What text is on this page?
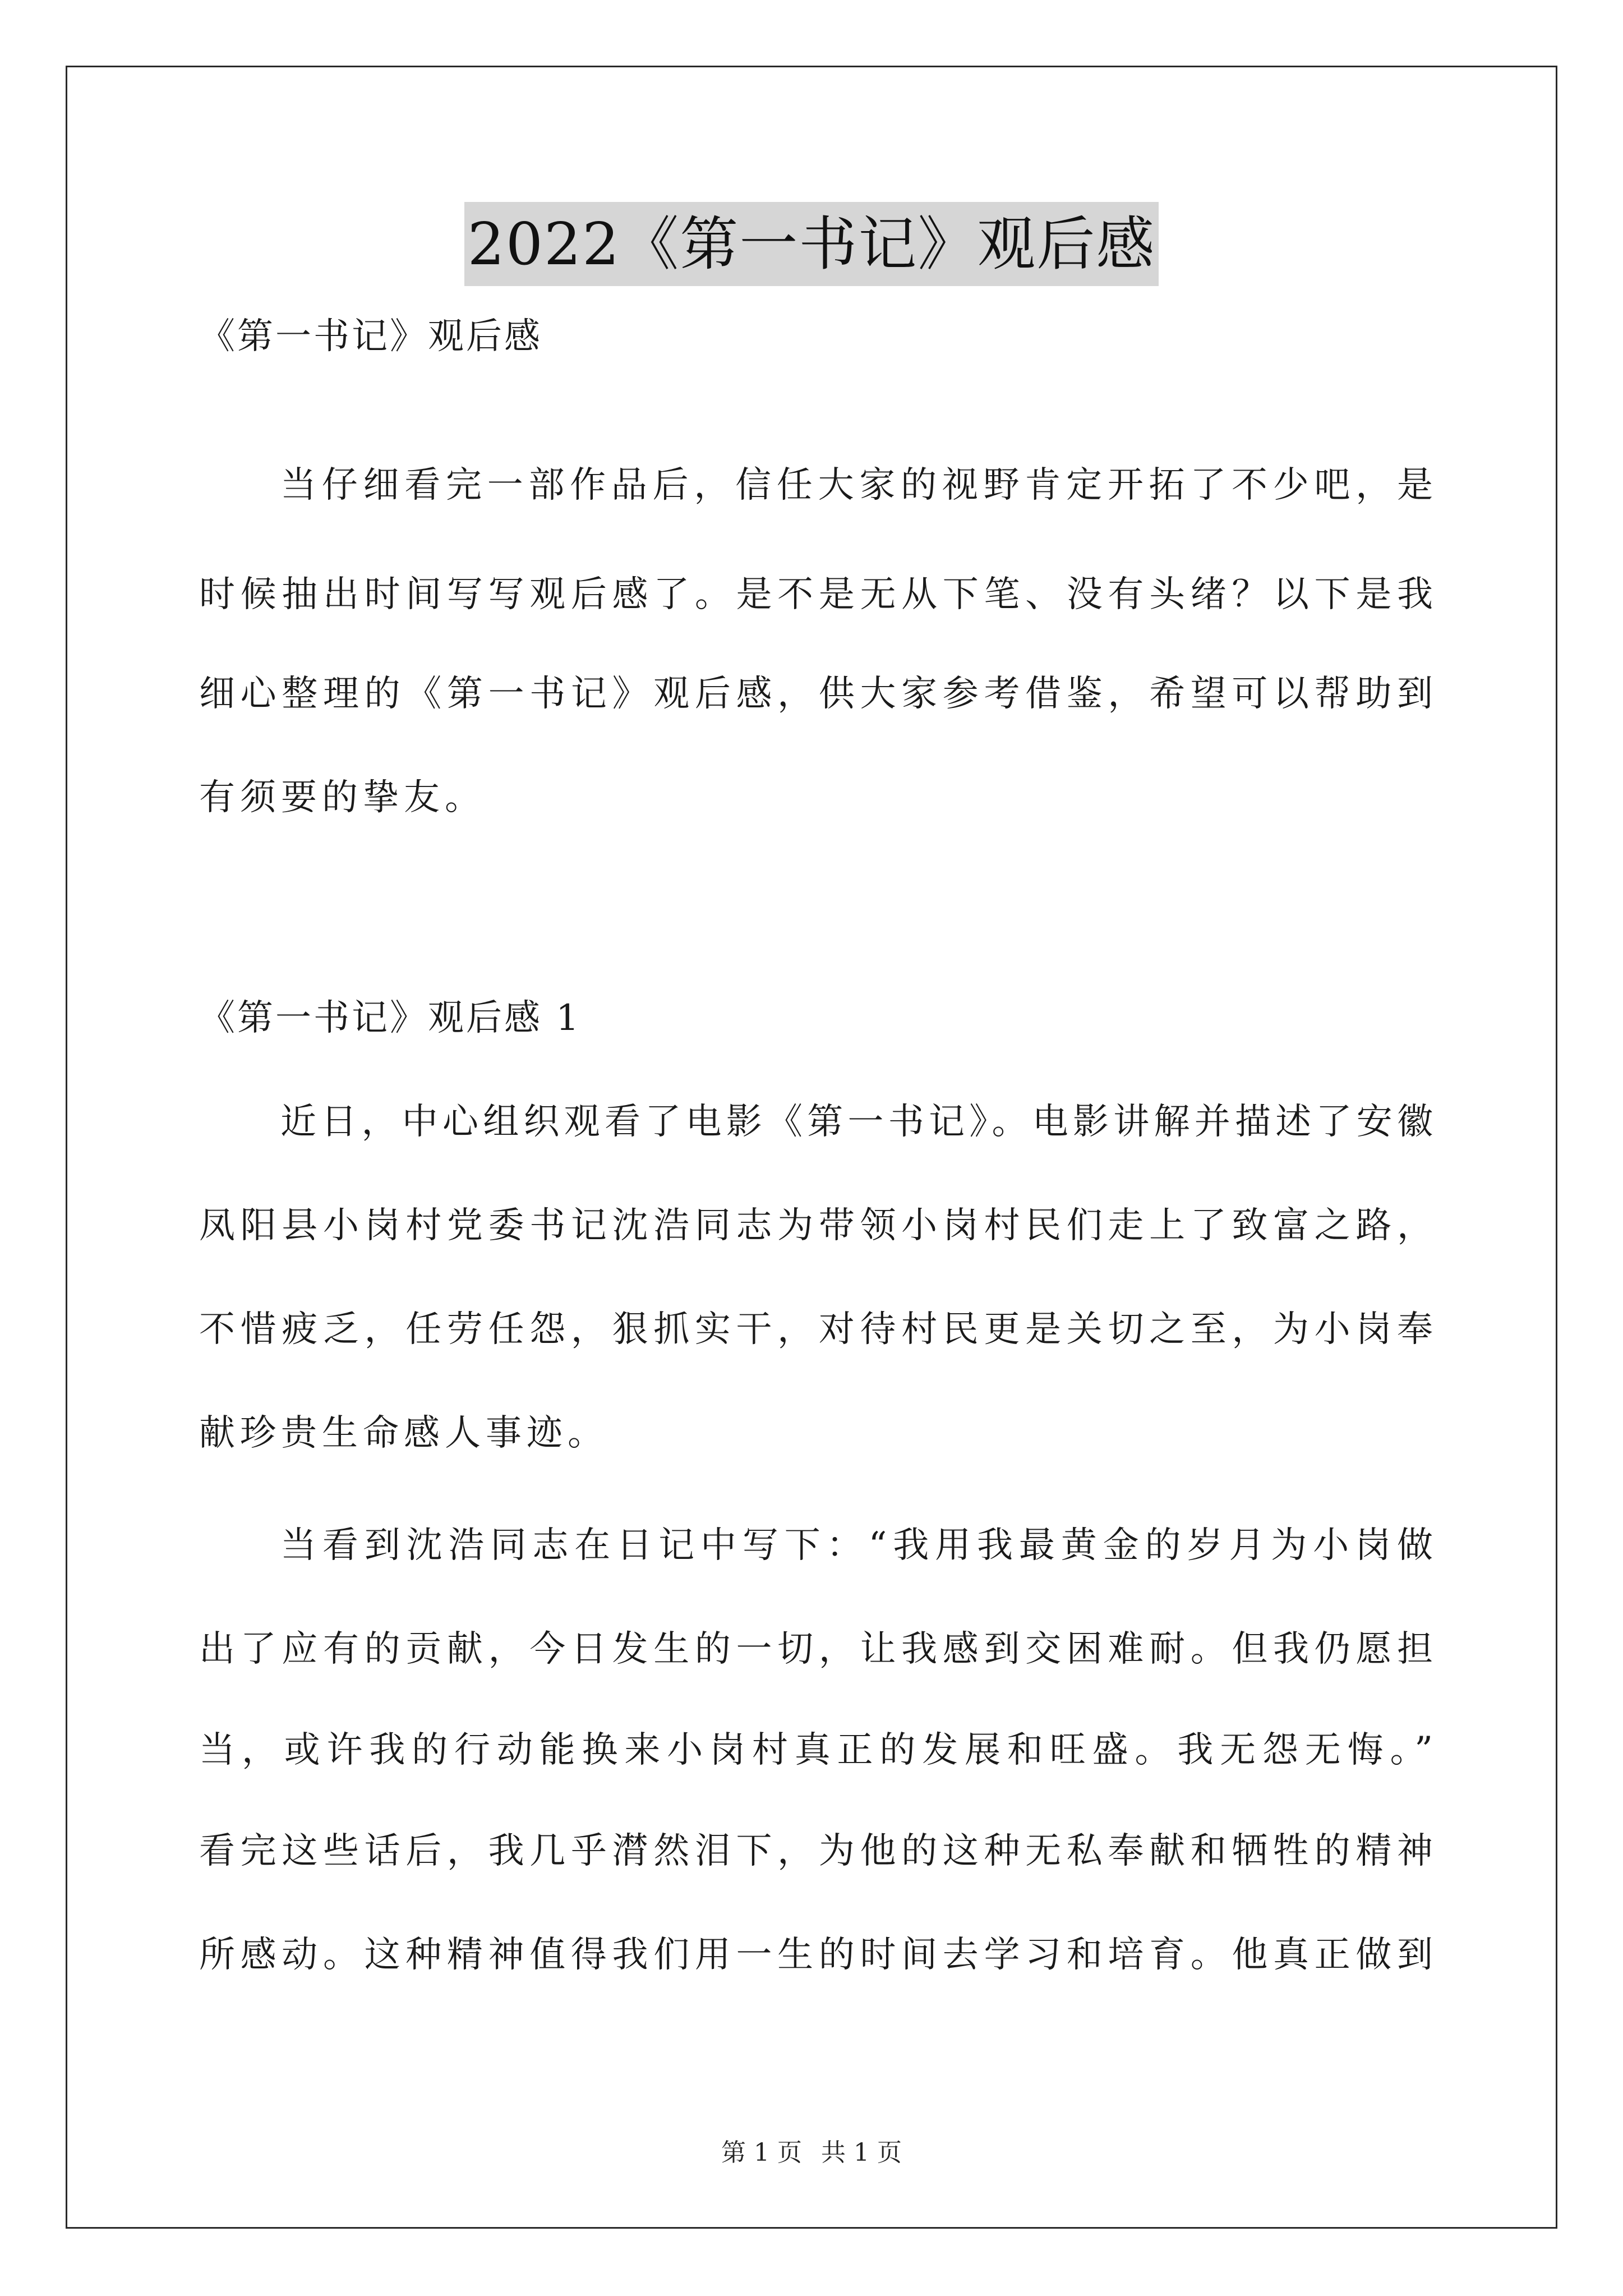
2022《第一书记》观后感
《第一书记》观后感
当仔细看完一部作品后，信任大家的视野肯定开拓了不少吧，是
时候抽出时间写写观后感了。是不是无从下笔、没有头绪？以下是我
细心整理的《第一书记》观后感，供大家参考借鉴，希望可以帮助到
有须要的挚友。
《第一书记》观后感 1
近日，中心组织观看了电影《第一书记》。电影讲解并描述了安徽
凤阳县小岗村党委书记沈浩同志为带领小岗村民们走上了致富之路，
不惜疲乏，任劳任怨，狠抓实干，对待村民更是关切之至，为小岗奉
献珍贵生命感人事迹。
当看到沈浩同志在日记中写下：“我用我最黄金的岁月为小岗做
出了应有的贡献，今日发生的一切，让我感到交困难耐。但我仍愿担
当，或许我的行动能换来小岗村真正的发展和旺盛。我无怨无悔。”
看完这些话后，我几乎潸然泪下，为他的这种无私奉献和牺牲的精神
所感动。这种精神值得我们用一生的时间去学习和培育。他真正做到
第 1 页 共 1 页
